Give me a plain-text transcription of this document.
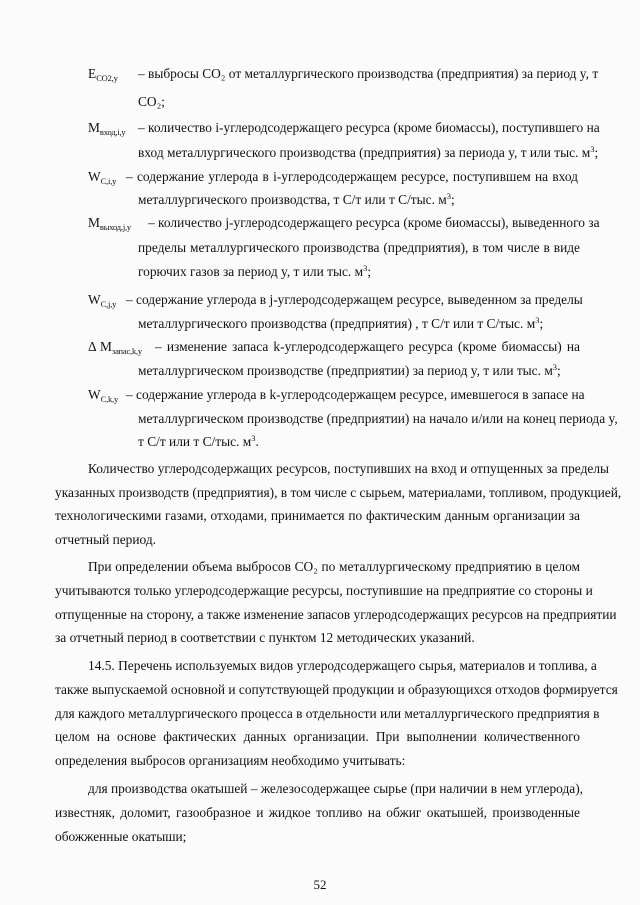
$E_{CO2,y}$ – выбросы CO₂ от металлургического производства (предприятия) за период y, т
CO₂;
$M_{вход,i,y}$ – количество i-углеродсодержащего ресурса (кроме биомассы), поступившего на
вход металлургического производства (предприятия) за периода y, т или тыс. $м^3$;
$W_{C,i,y}$ – содержание углерода в i-углеродсодержащем ресурсе, поступившем на вход
металлургического производства, т С/т или т С/тыс. $м^3$;
$M_{выход,j,y}$ – количество j-углеродсодержащего ресурса (кроме биомассы), выведенного за
пределы металлургического производства (предприятия), в том числе в виде
горючих газов за период y, т или тыс. $м^3$;
$W_{C,j,y}$ – содержание углерода в j-углеродсодержащем ресурсе, выведенном за пределы
металлургического производства (предприятия) , т С/т или т С/тыс. $м^3$;
Δ $M_{запас,k,y}$ – изменение запаса k-углеродсодержащего ресурса (кроме биомассы) на
металлургическом производстве (предприятии) за период y, т или тыс. $м^3$;
$W_{C,k,y}$ – содержание углерода в k-углеродсодержащем ресурсе, имевшегося в запасе на
металлургическом производстве (предприятии) на начало и/или на конец периода y,
т С/т или т С/тыс. $м^3$.
Количество углеродсодержащих ресурсов, поступивших на вход и отпущенных за пределы
указанных производств (предприятия), в том числе с сырьем, материалами, топливом, продукцией,
технологическими газами, отходами, принимается по фактическим данным организации за
отчетный период.
При определении объема выбросов CO₂ по металлургическому предприятию в целом
учитываются только углеродсодержащие ресурсы, поступившие на предприятие со стороны и
отпущенные на сторону, а также изменение запасов углеродсодержащих ресурсов на предприятии
за отчетный период в соответствии с пунктом 12 методических указаний.
14.5. Перечень используемых видов углеродсодержащего сырья, материалов и топлива, а
также выпускаемой основной и сопутствующей продукции и образующихся отходов формируется
для каждого металлургического процесса в отдельности или металлургического предприятия в
целом на основе фактических данных организации. При выполнении количественного
определения выбросов организациям необходимо учитывать:
для производства окатышей – железосодержащее сырье (при наличии в нем углерода),
известняк, доломит, газообразное и жидкое топливо на обжиг окатышей, производенные
обожженные окатыши;
52
